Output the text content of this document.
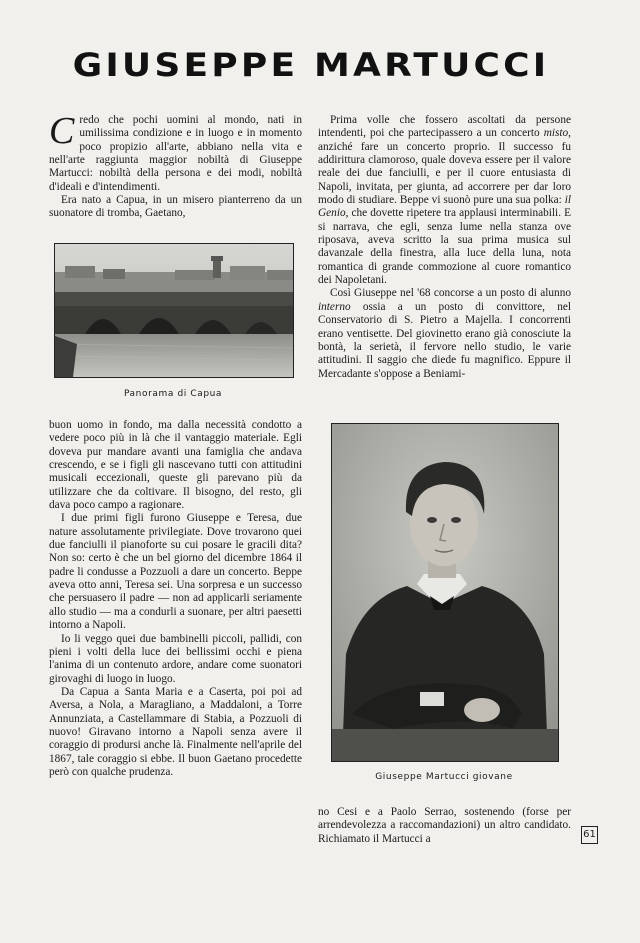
GIUSEPPE MARTUCCI

Credo che pochi uomini al mondo, nati in umilissima condizione e in luogo e in momento poco propizio all'arte, abbiano nella vita e nell'arte raggiunta maggior nobiltà di Giuseppe Martucci: nobiltà della persona e dei modi, nobiltà d'ideali e d'intendimenti.

Era nato a Capua, in un misero pianterreno da un suonatore di tromba, Gaetano,

Panorama di Capua

buon uomo in fondo, ma dalla necessità condotto a vedere poco più in là che il vantaggio materiale. Egli doveva pur mandare avanti una famiglia che andava crescendo, e se i figli gli nascevano tutti con attitudini musicali eccezionali, queste gli parevano più da utilizzare che da coltivare. Il bisogno, del resto, gli dava poco campo a ragionare.

I due primi figli furono Giuseppe e Teresa, due nature assolutamente privilegiate. Dove trovarono quei due fanciulli il pianoforte su cui posare le gracili dita? Non so: certo è che un bel giorno del dicembre 1864 il padre li condusse a Pozzuoli a dare un concerto. Beppe aveva otto anni, Teresa sei. Una sorpresa e un successo che persuasero il padre — non ad applicarli seriamente allo studio — ma a condurli a suonare, per altri paesetti intorno a Napoli.

Io li veggo quei due bambinelli piccoli, pallidi, con pieni i volti della luce dei bellissimi occhi e piena l'anima di un contenuto ardore, andare come suonatori girovaghi di luogo in luogo.

Da Capua a Santa Maria e a Caserta, poi poi ad Aversa, a Nola, a Maragliano, a Maddaloni, a Torre Annunziata, a Castellammare di Stabia, a Pozzuoli di nuovo! Giravano intorno a Napoli senza avere il coraggio di prodursi anche là. Finalmente nell'aprile del 1867, tale coraggio si ebbe. Il buon Gaetano procedette però con qualche prudenza.

Prima volle che fossero ascoltati da persone intendenti, poi che partecipassero a un concerto misto, anziché fare un concerto proprio. Il successo fu addirittura clamoroso, quale doveva essere per il valore reale dei due fanciulli, e per il cuore entusiasta di Napoli, invitata, per giunta, ad accorrere per dar loro modo di studiare. Beppe vi suonò pure una sua polka: il Genio, che dovette ripetere tra applausi interminabili. E si narrava, che egli, senza lume nella stanza ove riposava, aveva scritto la sua prima musica sul davanzale della finestra, alla luce della luna, nota romantica di grande commozione al cuore romantico dei Napoletani.

Così Giuseppe nel '68 concorse a un posto di alunno interno ossia a un posto di convittore, nel Conservatorio di S. Pietro a Majella. I concorrenti erano ventisette. Del giovinetto erano già conosciute la bontà, la serietà, il fervore nello studio, le varie attitudini. Il saggio che diede fu magnifico. Eppure il Mercadante s'oppose a Beniami-

Giuseppe Martucci giovane

no Cesi e a Paolo Serrao, sostenendo (forse per arrendevolezza a raccomandazioni) un altro candidato. Richiamato il Martucci a	61
